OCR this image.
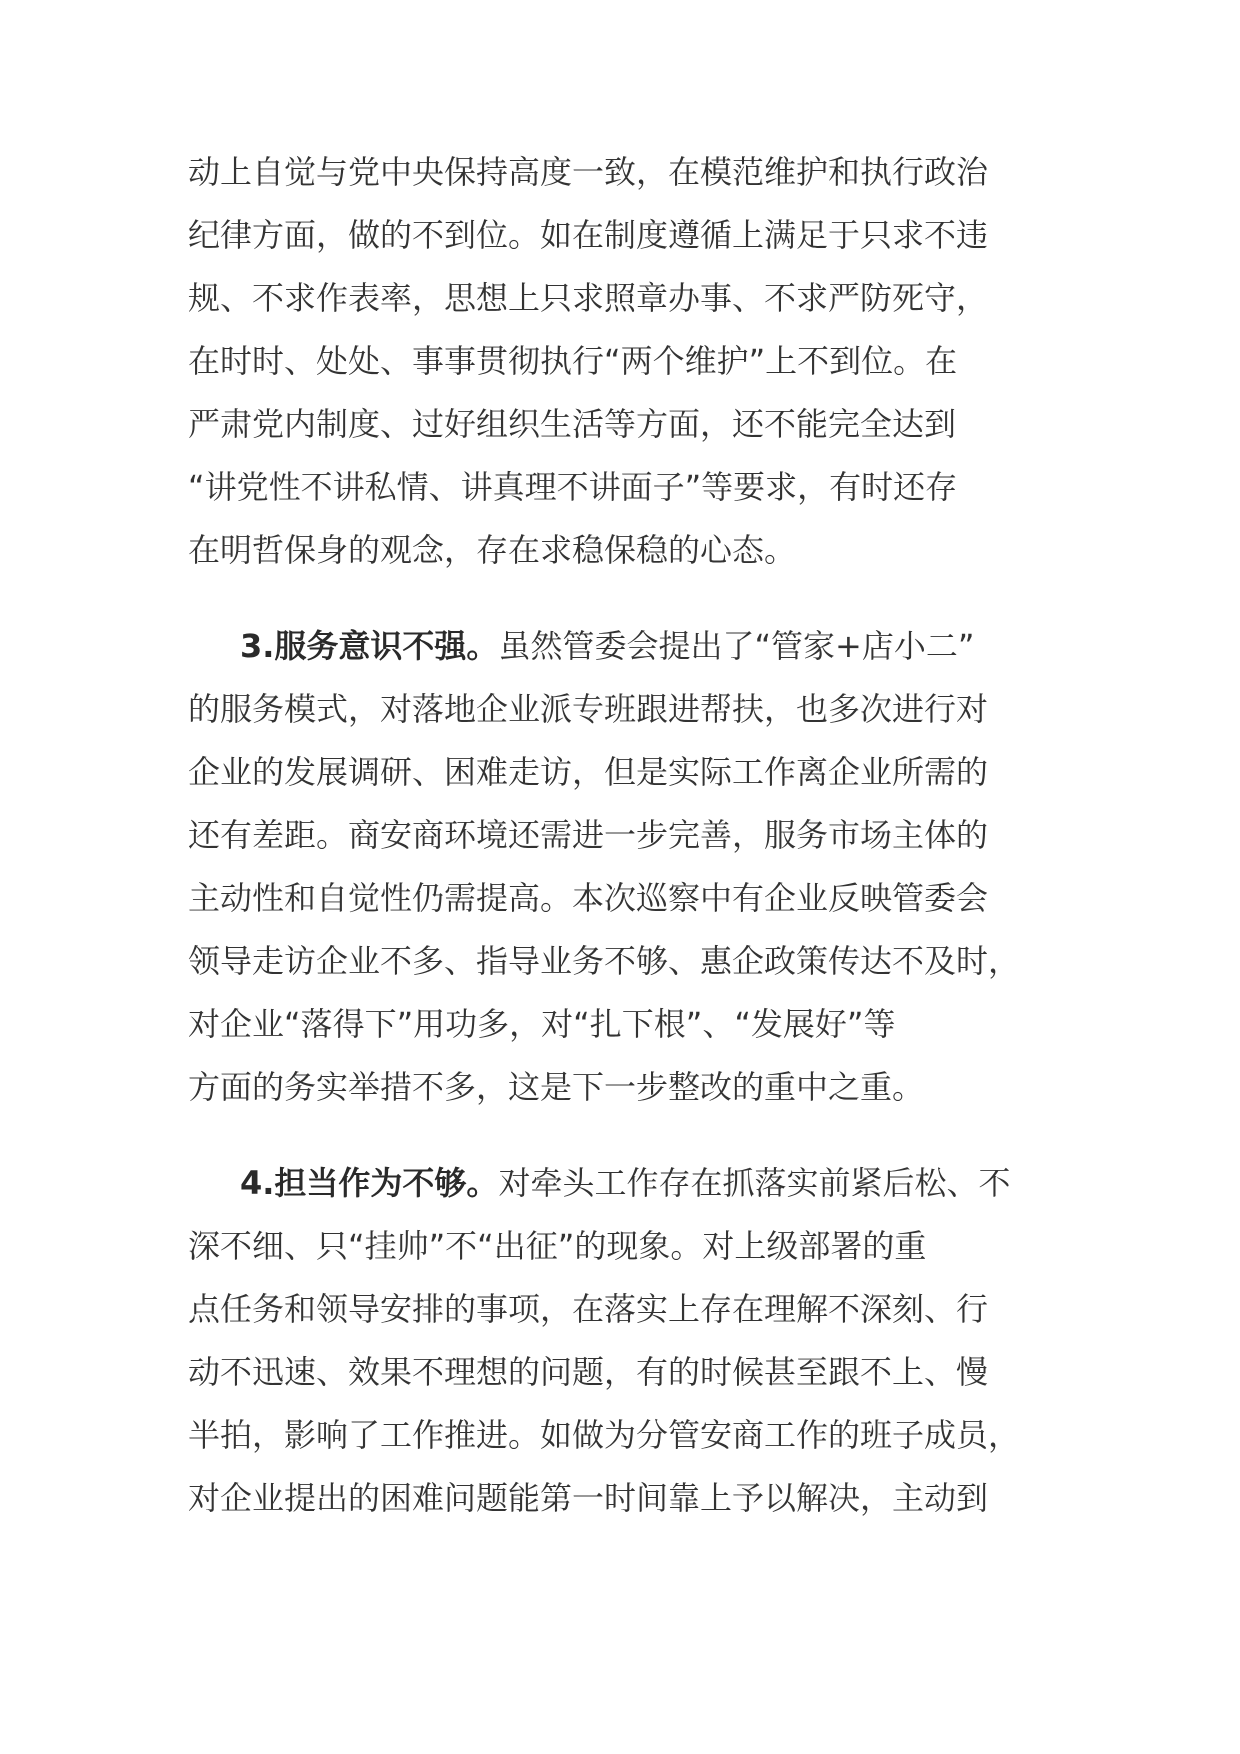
动上自觉与党中央保持高度一致，在模范维护和执行政治

纪律方面，做的不到位。如在制度遵循上满足于只求不违

规、不求作表率，思想上只求照章办事、不求严防死守，

在时时、处处、事事贯彻执行“两个维护”上不到位。在

严肃党内制度、过好组织生活等方面，还不能完全达到

“讲党性不讲私情、讲真理不讲面子”等要求，有时还存

在明哲保身的观念，存在求稳保稳的心态。

3.服务意识不强。虽然管委会提出了“管家+店小二”

的服务模式，对落地企业派专班跟进帮扶，也多次进行对

企业的发展调研、困难走访，但是实际工作离企业所需的

还有差距。商安商环境还需进一步完善，服务市场主体的

主动性和自觉性仍需提高。本次巡察中有企业反映管委会

领导走访企业不多、指导业务不够、惠企政策传达不及时，

对企业“落得下”用功多，对“扎下根”、“发展好”等

方面的务实举措不多，这是下一步整改的重中之重。

4.担当作为不够。对牵头工作存在抓落实前紧后松、不

深不细、只“挂帅”不“出征”的现象。对上级部署的重

点任务和领导安排的事项，在落实上存在理解不深刻、行

动不迅速、效果不理想的问题，有的时候甚至跟不上、慢

半拍，影响了工作推进。如做为分管安商工作的班子成员，

对企业提出的困难问题能第一时间靠上予以解决，主动到
